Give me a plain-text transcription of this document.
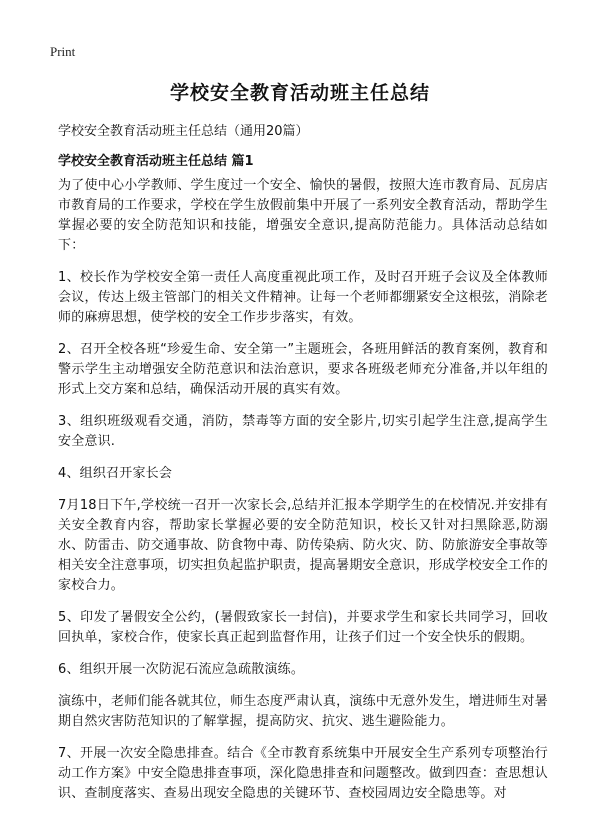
Print
学校安全教育活动班主任总结
学校安全教育活动班主任总结（通用20篇）
学校安全教育活动班主任总结 篇1

为了使中心小学教师、学生度过一个安全、愉快的暑假，按照大连市教育局、瓦房店市教育局的工作要求，学校在学生放假前集中开展了一系列安全教育活动，帮助学生掌握必要的安全防范知识和技能，增强安全意识,提高防范能力。具体活动总结如下：

1、校长作为学校安全第一责任人高度重视此项工作，及时召开班子会议及全体教师会议，传达上级主管部门的相关文件精神。让每一个老师都绷紧安全这根弦，消除老师的麻痹思想，使学校的安全工作步步落实，有效。

2、召开全校各班“珍爱生命、安全第一”主题班会，各班用鲜活的教育案例，教育和警示学生主动增强安全防范意识和法治意识，要求各班级老师充分准备,并以年组的形式上交方案和总结，确保活动开展的真实有效。

3、组织班级观看交通，消防，禁毒等方面的安全影片,切实引起学生注意,提高学生安全意识.

4、组织召开家长会

7月18日下午,学校统一召开一次家长会,总结并汇报本学期学生的在校情况.并安排有关安全教育内容，帮助家长掌握必要的安全防范知识，校长又针对扫黑除恶,防溺水、防雷击、防交通事故、防食物中毒、防传染病、防火灾、防、防旅游安全事故等相关安全注意事项，切实担负起监护职责，提高暑期安全意识，形成学校安全工作的家校合力。

5、印发了暑假安全公约，(暑假致家长一封信)，并要求学生和家长共同学习，回收回执单，家校合作，使家长真正起到监督作用，让孩子们过一个安全快乐的假期。

6、组织开展一次防泥石流应急疏散演练。

演练中，老师们能各就其位，师生态度严肃认真，演练中无意外发生，增进师生对暑期自然灾害防范知识的了解掌握，提高防灾、抗灾、逃生避险能力。

7、开展一次安全隐患排查。结合《全市教育系统集中开展安全生产系列专项整治行动工作方案》中安全隐患排查事项，深化隐患排查和问题整改。做到四查：查思想认识、查制度落实、查易出现安全隐患的关键环节、查校园周边安全隐患等。对
